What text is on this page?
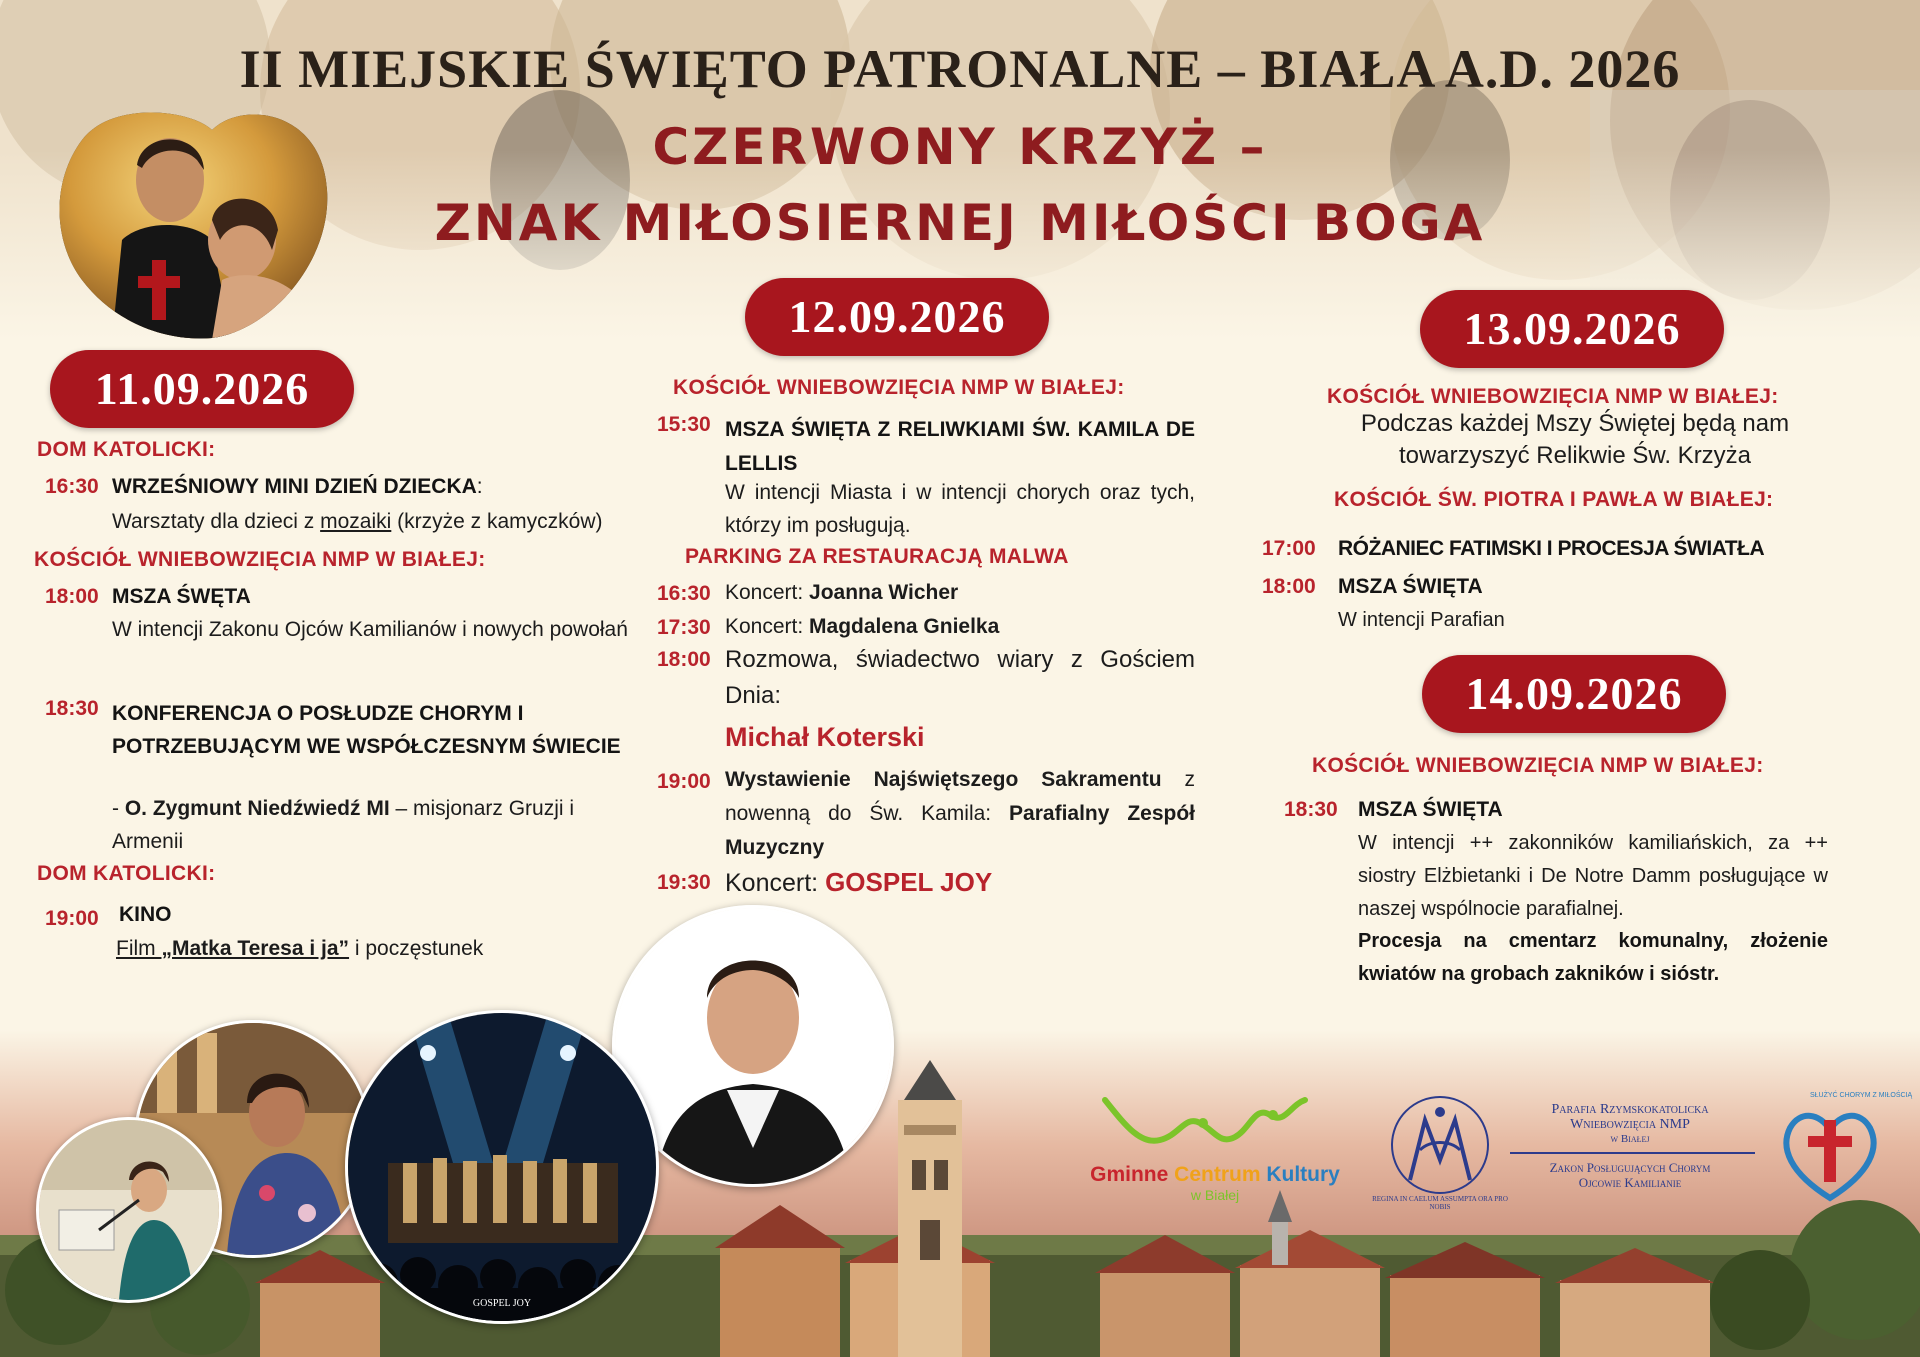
II MIEJSKIE ŚWIĘTO PATRONALNE – BIAŁA A.D. 2026
CZERWONY KRZYŻ –
ZNAK MIŁOSIERNEJ MIŁOŚCI BOGA
11.09.2026
DOM KATOLICKI:
16:30 WRZEŚNIOWY MINI DZIEŃ DZIECKA:
Warsztaty dla dzieci z mozaiki (krzyże z kamyczków)
KOŚCIÓŁ WNIEBOWZIĘCIA NMP W BIAŁEJ:
18:00 MSZA ŚWĘTA
W intencji Zakonu Ojców Kamilianów i nowych powołań
18:30 KONFERENCJA O POSŁUDZE CHORYM I POTRZEBUJĄCYM WE WSPÓŁCZESNYM ŚWIECIE
- O. Zygmunt Niedźwiedź MI – misjonarz Gruzji i Armenii
DOM KATOLICKI:
19:00 KINO
Film „Matka Teresa i ja” i poczęstunek
12.09.2026
KOŚCIÓŁ WNIEBOWZIĘCIA NMP W BIAŁEJ:
15:30 MSZA ŚWIĘTA Z RELIWKIAMI ŚW. KAMILA DE LELLIS
W intencji Miasta i w intencji chorych oraz tych, którzy im posługują.
PARKING ZA RESTAURACJĄ MALWA
16:30 Koncert: Joanna Wicher
17:30 Koncert: Magdalena Gnielka
18:00 Rozmowa, świadectwo wiary z Gościem Dnia:
Michał Koterski
19:00 Wystawienie Najświętszego Sakramentu z nowenną do Św. Kamila: Parafialny Zespół Muzyczny
19:30 Koncert: GOSPEL JOY
13.09.2026
KOŚCIÓŁ WNIEBOWZIĘCIA NMP W BIAŁEJ:
Podczas każdej Mszy Świętej będą nam towarzyszyć Relikwie Św. Krzyża
KOŚCIÓŁ ŚW. PIOTRA I PAWŁA W BIAŁEJ:
17:00 RÓŻANIEC FATIMSKI I PROCESJA ŚWIATŁA
18:00 MSZA ŚWIĘTA
W intencji Parafian
14.09.2026
KOŚCIÓŁ WNIEBOWZIĘCIA NMP W BIAŁEJ:
18:30 MSZA ŚWIĘTA
W intencji ++ zakonników kamiliańskich, za ++ siostry Elżbietanki i De Notre Damm posługujące w naszej wspólnocie parafialnej.
Procesja na cmentarz komunalny, złożenie kwiatów na grobach zakników i sióstr.
GOSPEL JOY
Gminne Centrum Kultury
w Białej	REGINA IN CAELUM ASSUMPTA ORA PRO NOBIS
Parafia Rzymskokatolicka
Wniebowzięcia NMP
w Białej
Zakon Posługujących Chorym
Ojcowie Kamilianie
SŁUŻYĆ CHORYM Z MIŁOŚCIĄ
